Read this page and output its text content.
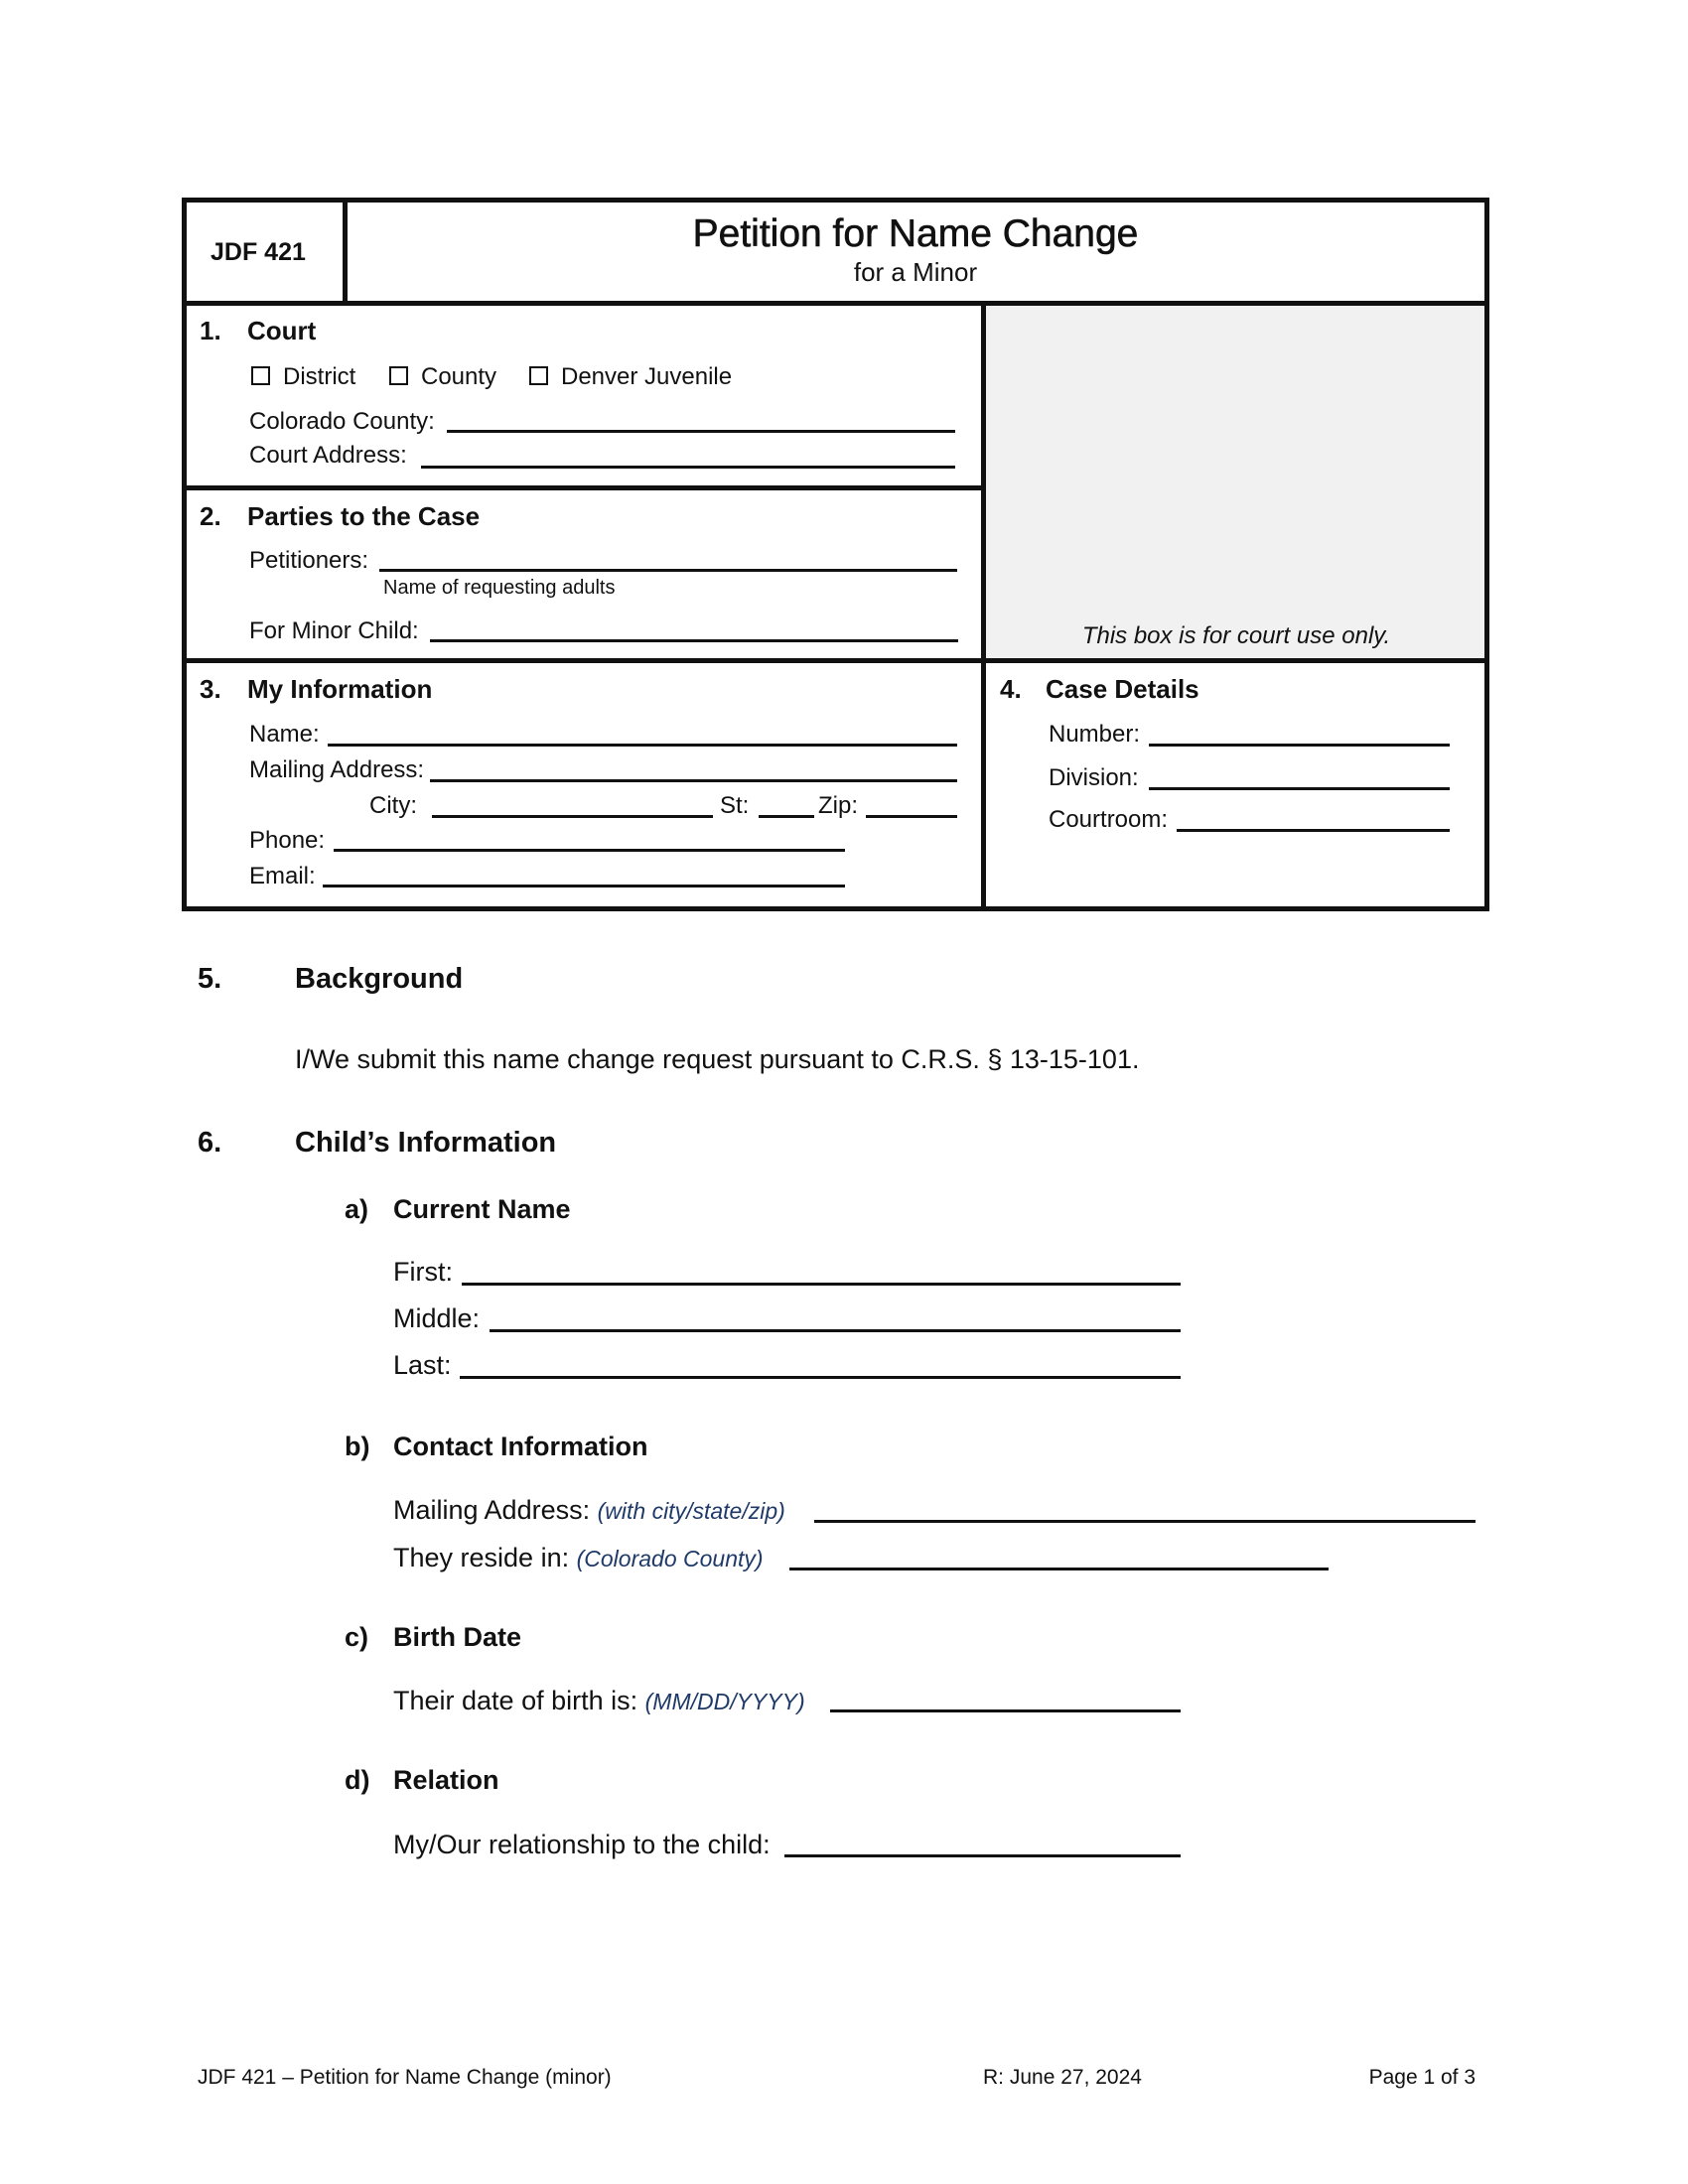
JDF 421	Petition for Name Change
for a Minor
1. Court
District	County	Denver Juvenile
Colorado County:
Court Address:
2. Parties to the Case
Petitioners:
Name of requesting adults
For Minor Child:	This box is for court use only.
3. My Information
Name:
Mailing Address:
City:	St:	Zip:
Phone:
Email:
4. Case Details
Number:
Division:
Courtroom:
5.	Background
I/We submit this name change request pursuant to C.R.S. § 13-15-101.
6.	Child’s Information
a) Current Name
First:
Middle:
Last:
b) Contact Information
Mailing Address: (with city/state/zip)
They reside in: (Colorado County)
c) Birth Date
Their date of birth is: (MM/DD/YYYY)
d) Relation
My/Our relationship to the child:
JDF 421 – Petition for Name Change (minor)	R: June 27, 2024	Page 1 of 3
